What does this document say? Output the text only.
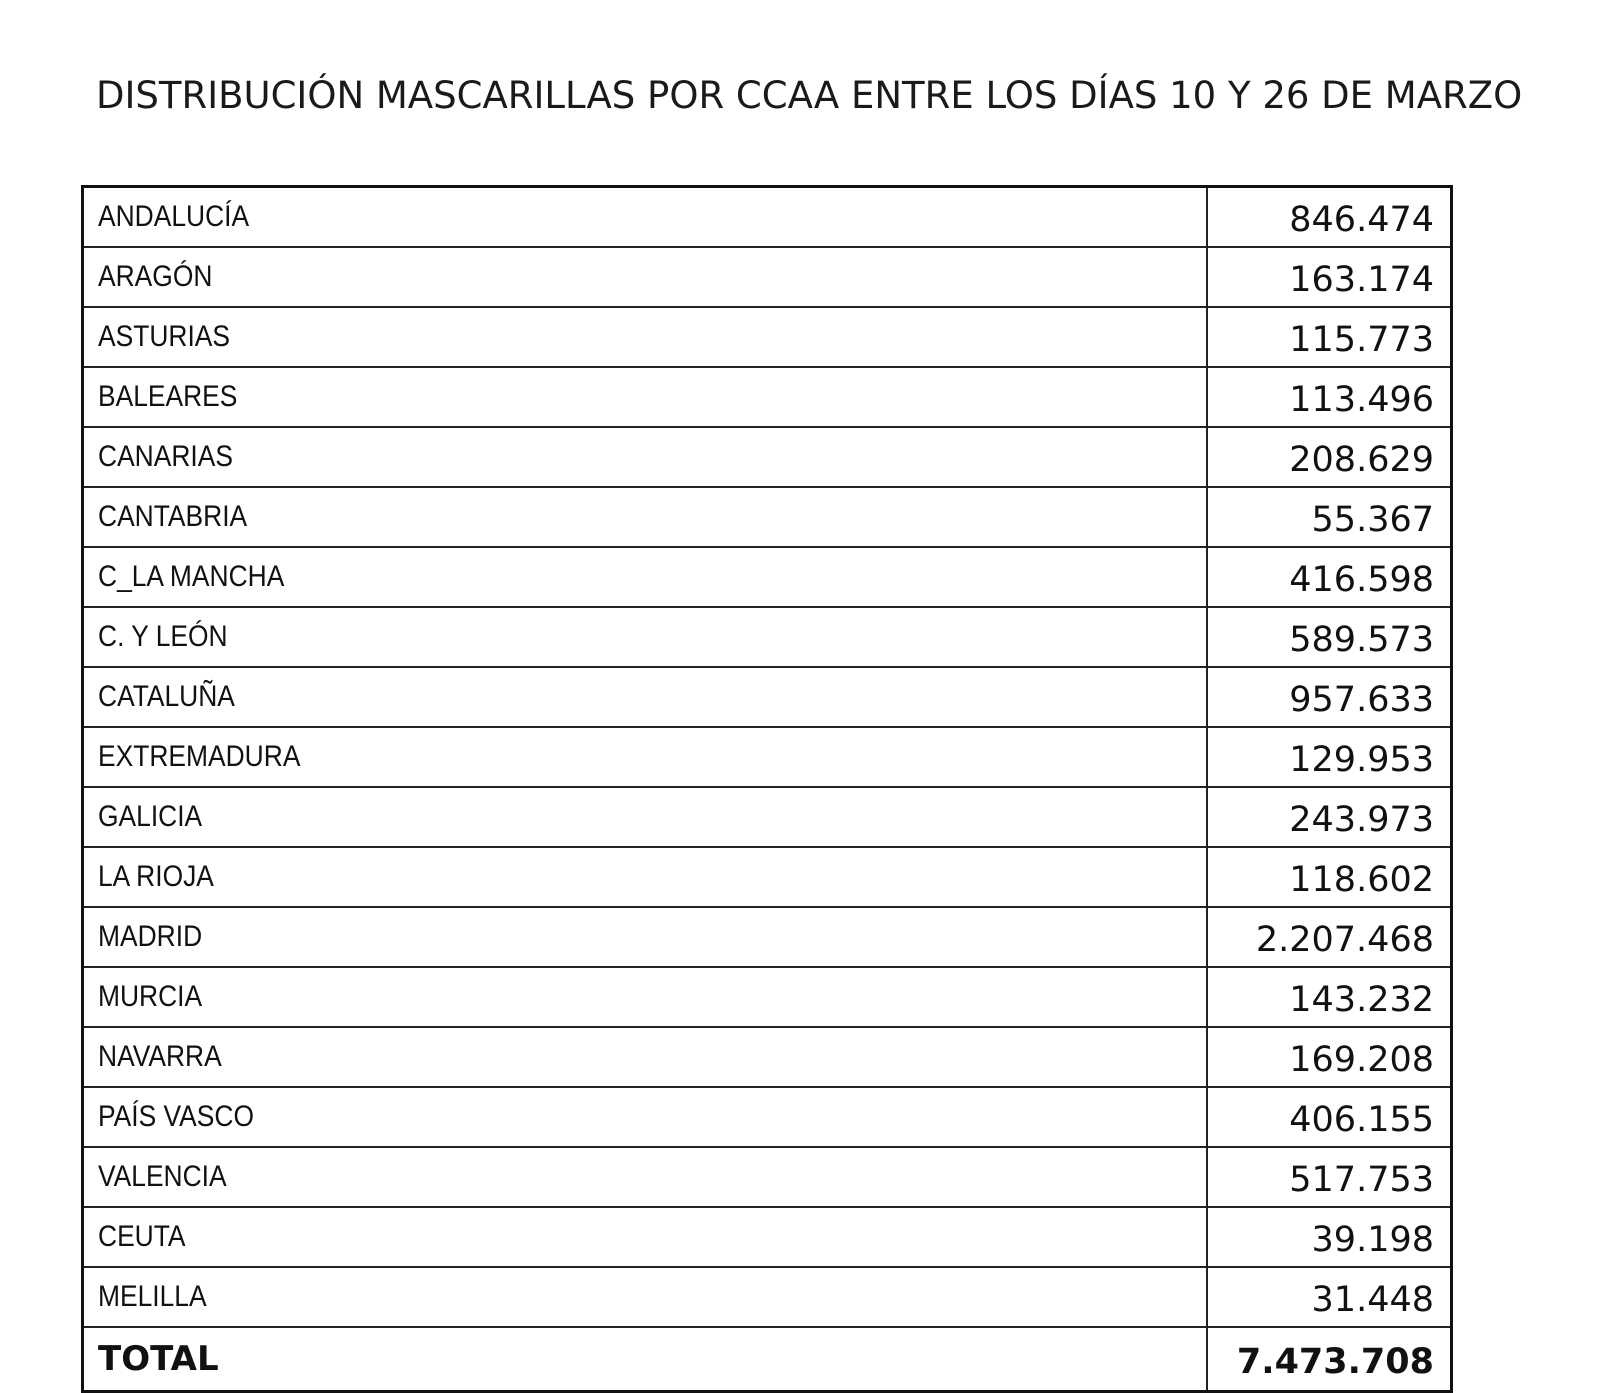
DISTRIBUCIÓN MASCARILLAS POR CCAA ENTRE LOS DÍAS 10 Y 26 DE MARZO
ANDALUCÍA	846.474
ARAGÓN	163.174
ASTURIAS	115.773
BALEARES	113.496
CANARIAS	208.629
CANTABRIA	55.367
C_LA MANCHA	416.598
C. Y LEÓN	589.573
CATALUÑA	957.633
EXTREMADURA	129.953
GALICIA	243.973
LA RIOJA	118.602
MADRID	2.207.468
MURCIA	143.232
NAVARRA	169.208
PAÍS VASCO	406.155
VALENCIA	517.753
CEUTA	39.198
MELILLA	31.448
TOTAL	7.473.708
